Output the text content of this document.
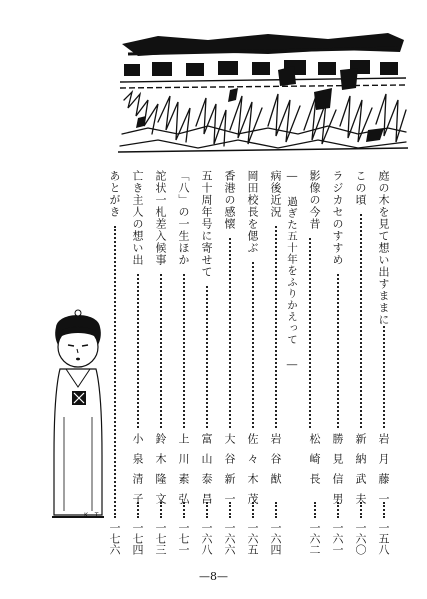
庭の木を見て想い出すままに
岩月藤一
一五八
この頃
新納武夫
一六〇
ラジカセのすすめ
勝見信男
一六一
影像の今昔
松崎長
一六二
― 過ぎた五十年をふりかえって ―
病後近況
岩谷猷
一六四
岡田校長を偲ぶ
佐々木茂
一六五
香港の感懐
大谷新一
一六六
五十周年号に寄せて
富山泰昌
一六八
「八」の一生ほか
上川素弘
一七一
詑状一札差入候事
鈴木隆文
一七三
亡き主人の想い出
小泉清子
一七四
あとがき
一七六
K. T.
—8—
